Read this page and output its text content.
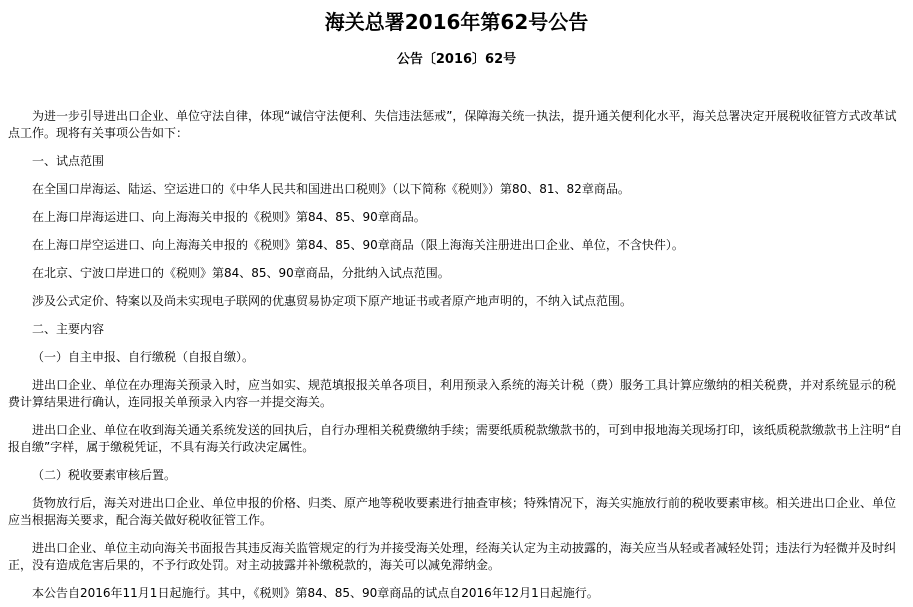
海关总署2016年第62号公告
公告〔2016〕62号

为进一步引导进出口企业、单位守法自律，体现“诚信守法便利、失信违法惩戒”，保障海关统一执法，提升通关便利化水平，海关总署决定开展税收征管方式改革试点工作。现将有关事项公告如下：

一、试点范围

在全国口岸海运、陆运、空运进口的《中华人民共和国进出口税则》（以下简称《税则》）第80、81、82章商品。

在上海口岸海运进口、向上海海关申报的《税则》第84、85、90章商品。

在上海口岸空运进口、向上海海关申报的《税则》第84、85、90章商品（限上海海关注册进出口企业、单位，不含快件）。

在北京、宁波口岸进口的《税则》第84、85、90章商品，分批纳入试点范围。

涉及公式定价、特案以及尚未实现电子联网的优惠贸易协定项下原产地证书或者原产地声明的，不纳入试点范围。

二、主要内容

（一）自主申报、自行缴税（自报自缴）。

进出口企业、单位在办理海关预录入时，应当如实、规范填报报关单各项目，利用预录入系统的海关计税（费）服务工具计算应缴纳的相关税费，并对系统显示的税费计算结果进行确认，连同报关单预录入内容一并提交海关。

进出口企业、单位在收到海关通关系统发送的回执后，自行办理相关税费缴纳手续；需要纸质税款缴款书的，可到申报地海关现场打印，该纸质税款缴款书上注明“自报自缴”字样，属于缴税凭证，不具有海关行政决定属性。

（二）税收要素审核后置。

货物放行后，海关对进出口企业、单位申报的价格、归类、原产地等税收要素进行抽查审核；特殊情况下，海关实施放行前的税收要素审核。相关进出口企业、单位应当根据海关要求，配合海关做好税收征管工作。

进出口企业、单位主动向海关书面报告其违反海关监管规定的行为并接受海关处理，经海关认定为主动披露的，海关应当从轻或者减轻处罚；违法行为轻微并及时纠正，没有造成危害后果的，不予行政处罚。对主动披露并补缴税款的，海关可以减免滞纳金。

本公告自2016年11月1日起施行。其中，《税则》第84、85、90章商品的试点自2016年12月1日起施行。
